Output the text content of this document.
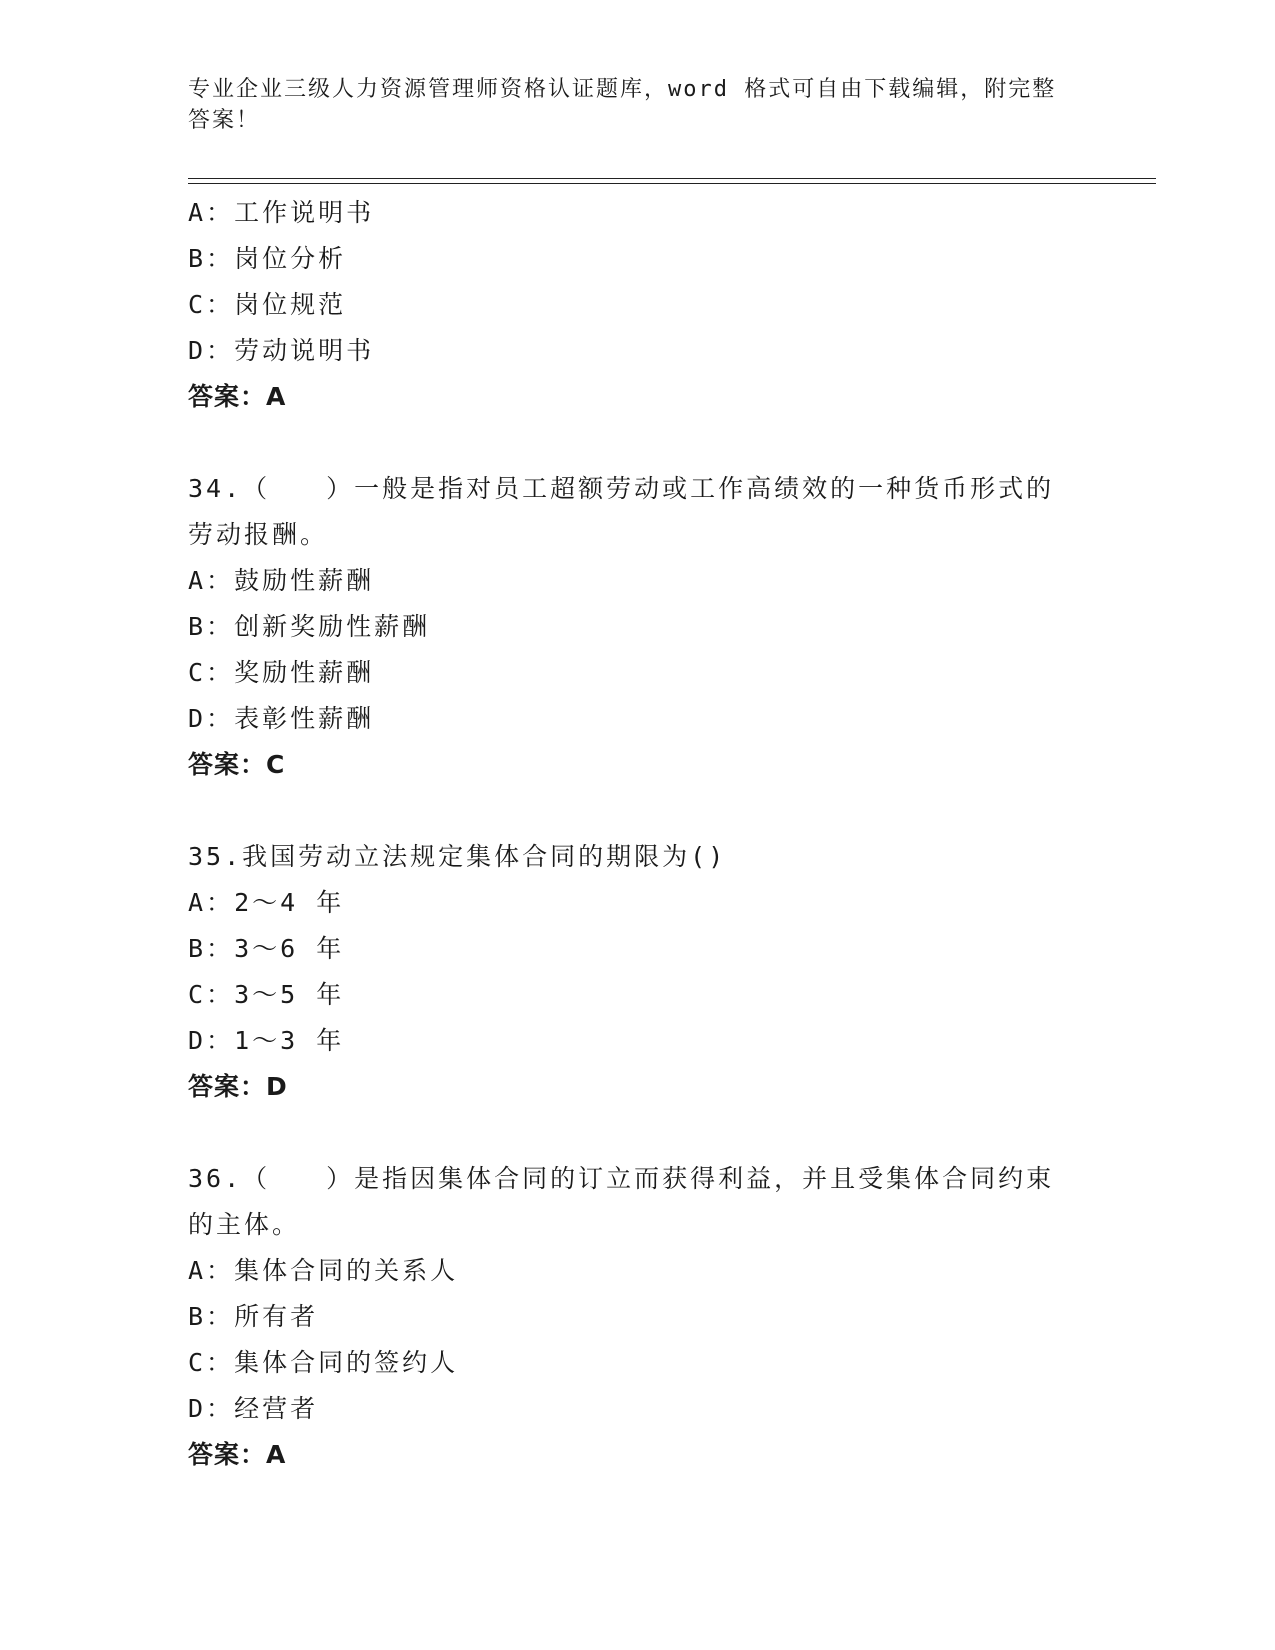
专业企业三级人力资源管理师资格认证题库，word 格式可自由下载编辑，附完整
答案！
A：工作说明书
B：岗位分析
C：岗位规范
D：劳动说明书
答案：A
34.（　　）一般是指对员工超额劳动或工作高绩效的一种货币形式的
劳动报酬。
A：鼓励性薪酬
B：创新奖励性薪酬
C：奖励性薪酬
D：表彰性薪酬
答案：C
35.我国劳动立法规定集体合同的期限为()
A：2～4 年
B：3～6 年
C：3～5 年
D：1～3 年
答案：D
36.（　　）是指因集体合同的订立而获得利益，并且受集体合同约束
的主体。
A：集体合同的关系人
B：所有者
C：集体合同的签约人
D：经营者
答案：A
